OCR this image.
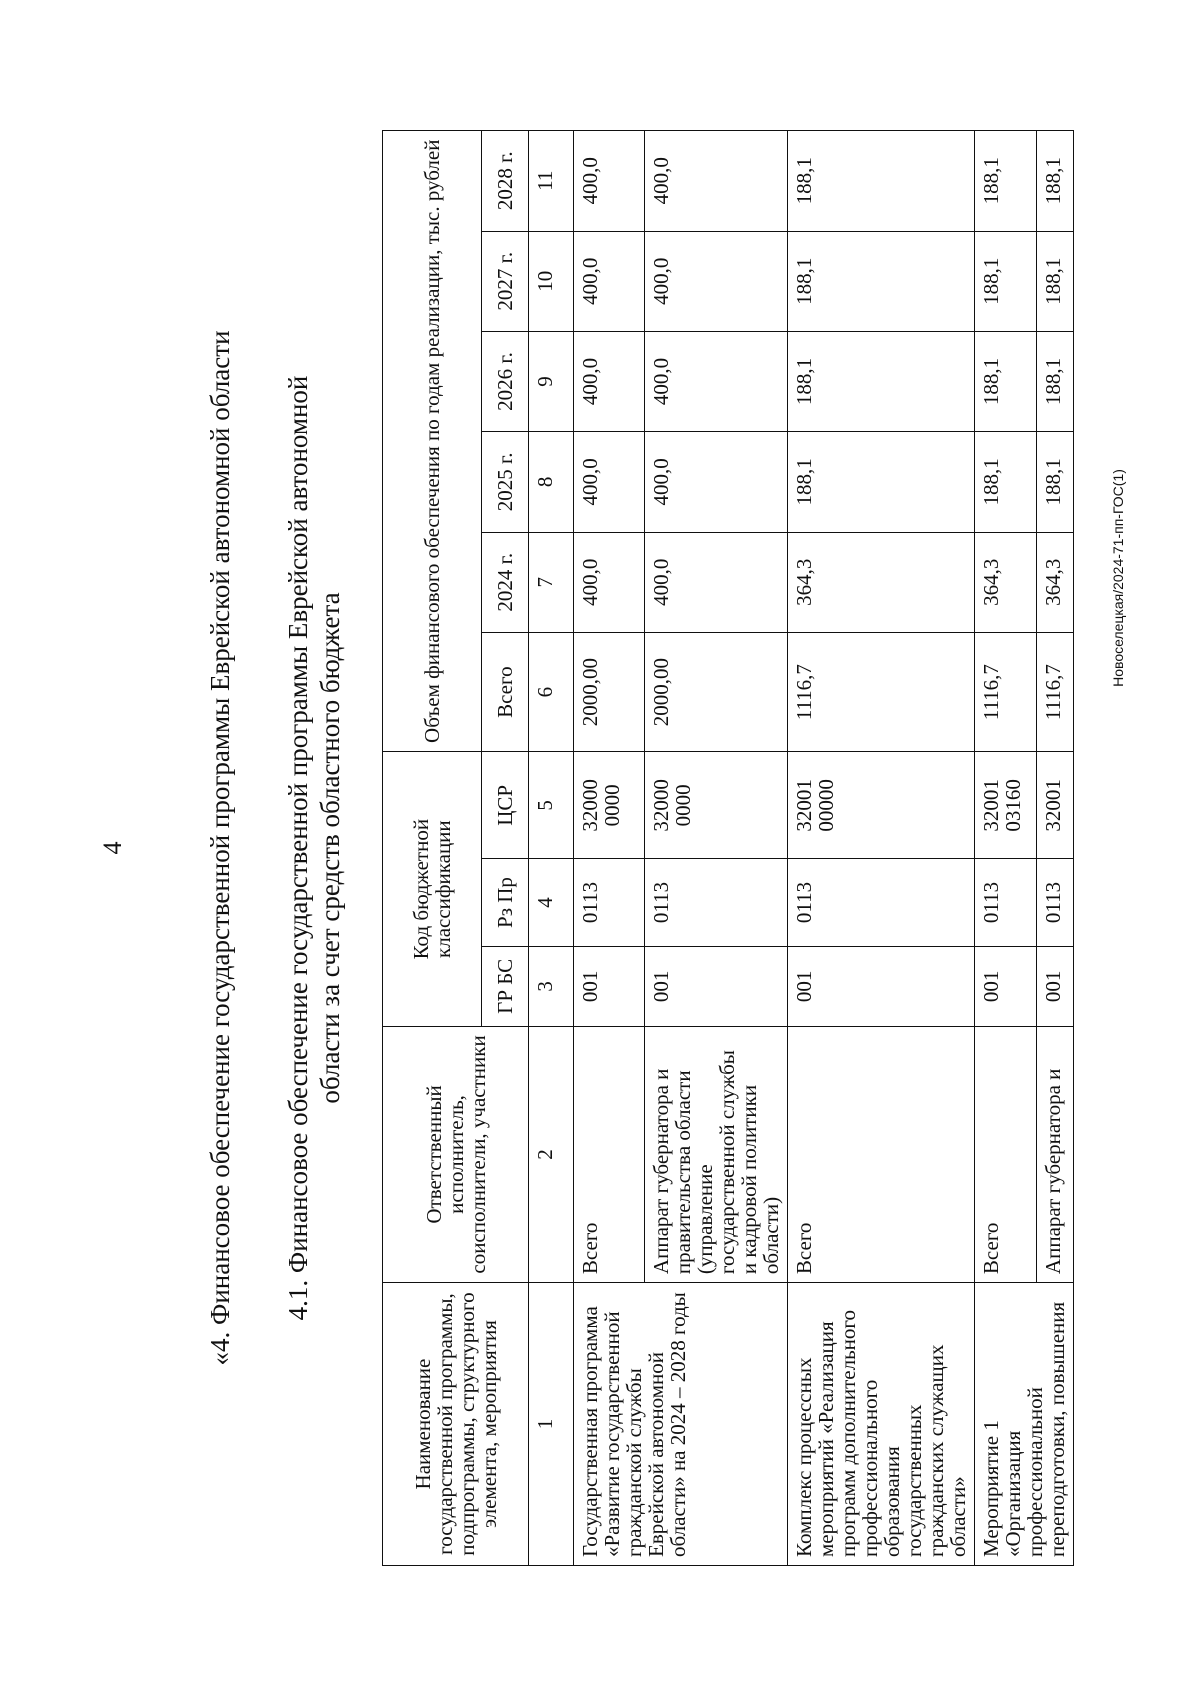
4	«4. Финансовое обеспечение государственной программы Еврейской автономной области 4.1. Финансовое обеспечение государственной программы Еврейской автономной области за счет средств областного бюджета
Наименование государственной программы, подпрограммы, структурного элемента, мероприятия	Ответственный исполнитель, соисполнители, участники	Код бюджетной классификации			Объем финансового обеспечения по годам реализации, тыс. рублей					
		ГР БС	Рз Пр	ЦСР	Всего	2024 г.	2025 г.	2026 г.	2027 г.	2028 г.
1	2	3	4	5	6	7	8	9	10	11
Государственная программа «Развитие государственной гражданской службы Еврейской автономной области» на 2024 – 2028 годы	Всего	001	0113	32000 0000	2000,00	400,0	400,0	400,0	400,0	400,0
	Аппарат губернатора и правительства области (управление государственной службы и кадровой политики области)	001	0113	32000 0000	2000,00	400,0	400,0	400,0	400,0	400,0
Комплекс процессных мероприятий «Реализация программ дополнительного профессионального образования государственных гражданских служащих области»	Всего	001	0113	32001 00000	1116,7	364,3	188,1	188,1	188,1	188,1
Мероприятие 1 «Организация профессиональной переподготовки, повышения	Всего	001	0113	32001 03160	1116,7	364,3	188,1	188,1	188,1	188,1
	Аппарат губернатора и	001	0113	32001	1116,7	364,3	188,1	188,1	188,1	188,1
Новоселецкая/2024-71-пп-ГОС(1)
